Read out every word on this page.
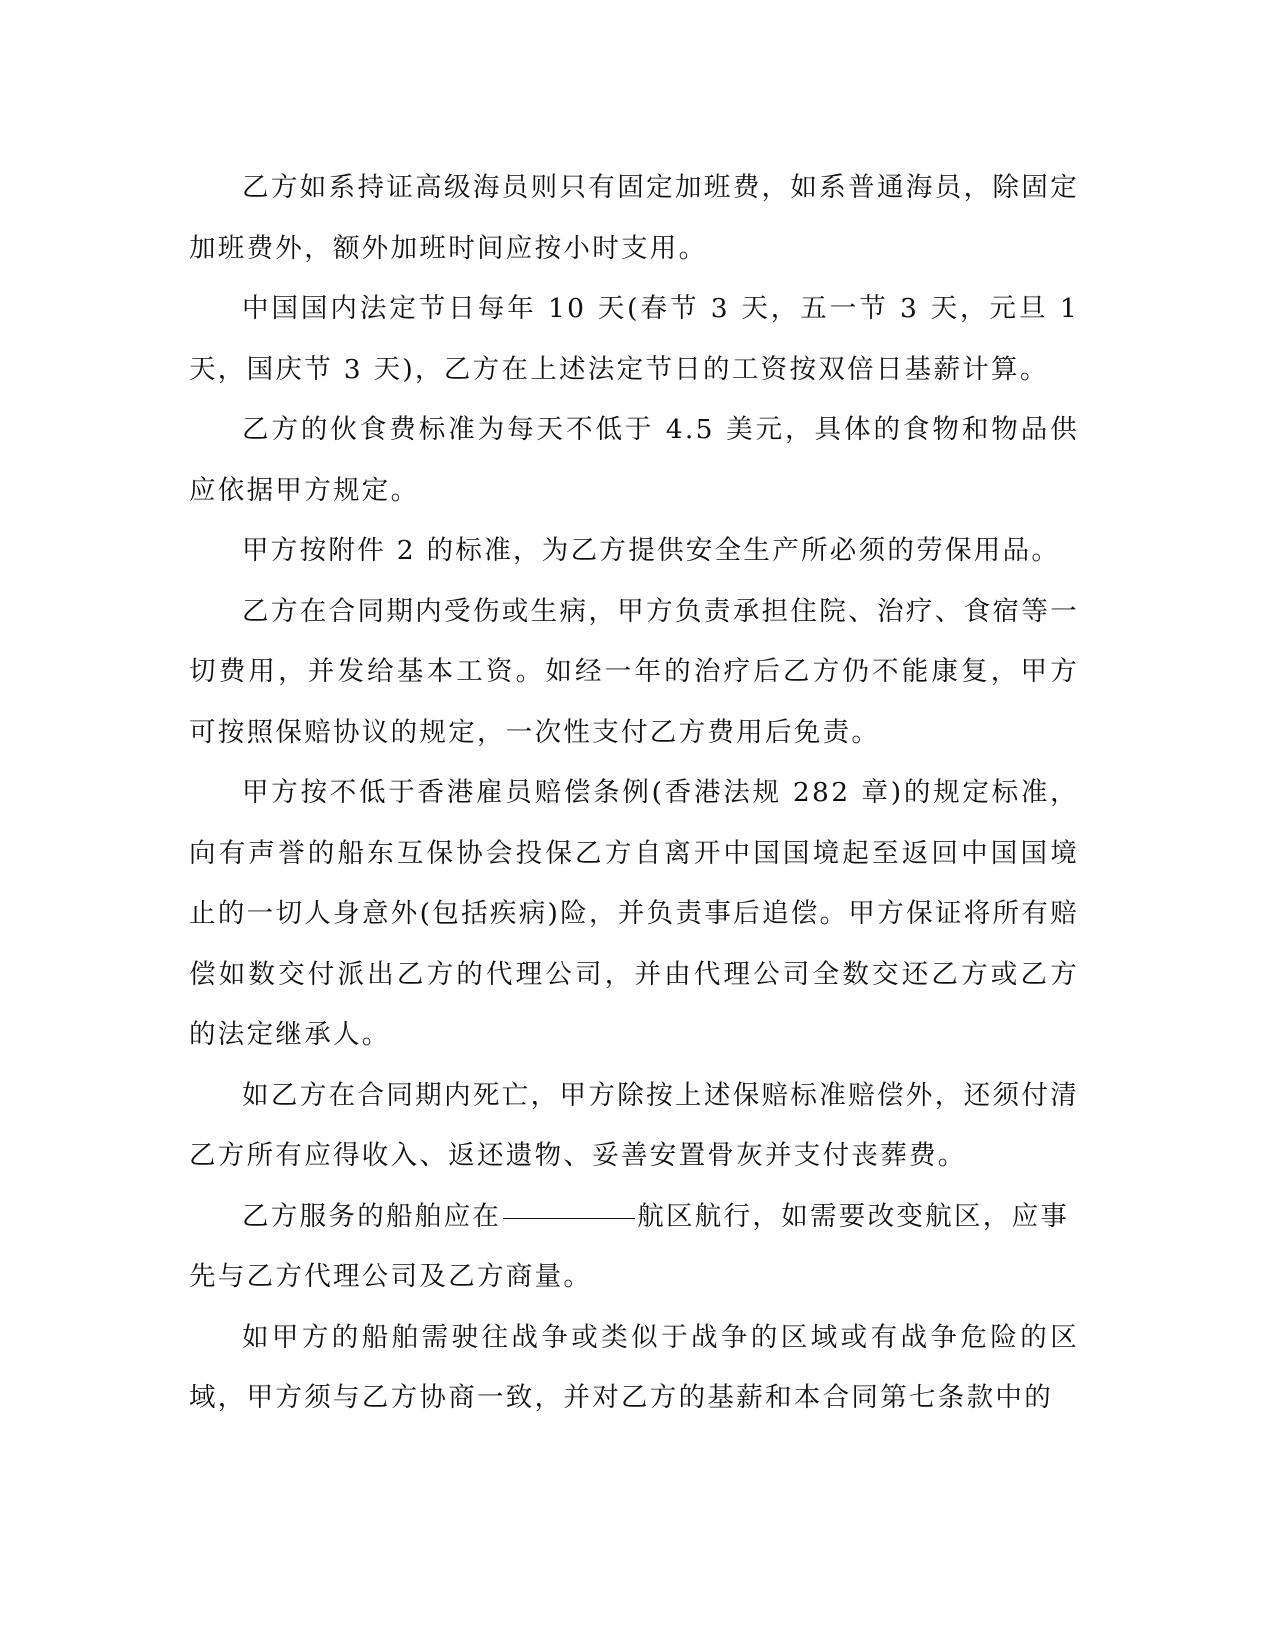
乙方如系持证高级海员则只有固定加班费，如系普通海员，除固定加班费外，额外加班时间应按小时支用。

中国国内法定节日每年 10 天(春节 3 天，五一节 3 天，元旦 1 天，国庆节 3 天)，乙方在上述法定节日的工资按双倍日基薪计算。

乙方的伙食费标准为每天不低于 4.5 美元，具体的食物和物品供应依据甲方规定。

甲方按附件 2 的标准，为乙方提供安全生产所必须的劳保用品。

乙方在合同期内受伤或生病，甲方负责承担住院、治疗、食宿等一切费用，并发给基本工资。如经一年的治疗后乙方仍不能康复，甲方可按照保赔协议的规定，一次性支付乙方费用后免责。

甲方按不低于香港雇员赔偿条例(香港法规 282 章)的规定标准，向有声誉的船东互保协会投保乙方自离开中国国境起至返回中国国境止的一切人身意外(包括疾病)险，并负责事后追偿。甲方保证将所有赔偿如数交付派出乙方的代理公司，并由代理公司全数交还乙方或乙方的法定继承人。

如乙方在合同期内死亡，甲方除按上述保赔标准赔偿外，还须付清乙方所有应得收入、返还遗物、妥善安置骨灰并支付丧葬费。

乙方服务的船舶应在	航区航行，如需要改变航区，应事先与乙方代理公司及乙方商量。

如甲方的船舶需驶往战争或类似于战争的区域或有战争危险的区域，甲方须与乙方协商一致，并对乙方的基薪和本合同第七条款中的
